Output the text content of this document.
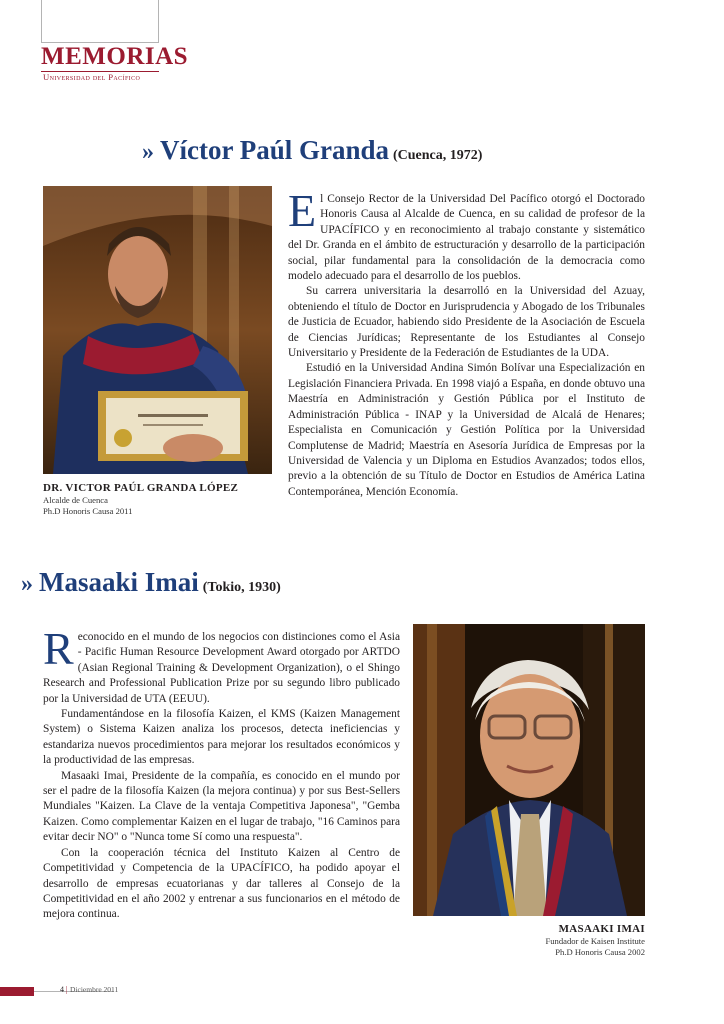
MEMORIAS
Universidad del Pacífico
» Víctor Paúl Granda (Cuenca, 1972)
DR. VICTOR PAÚL GRANDA LÓPEZ
Alcalde de Cuenca
Ph.D Honoris Causa 2011

El Consejo Rector de la Universidad Del Pacífico otorgó el Doctorado Honoris Causa al Alcalde de Cuenca, en su calidad de profesor de la UPACÍFICO y en reconocimiento al trabajo constante y sistemático del Dr. Granda en el ámbito de estructuración y desarrollo de la participación social, pilar fundamental para la consolidación de la democracia como modelo adecuado para el desarrollo de los pueblos.

Su carrera universitaria la desarrolló en la Universidad del Azuay, obteniendo el título de Doctor en Jurisprudencia y Abogado de los Tribunales de Justicia de Ecuador, habiendo sido Presidente de la Asociación de Escuela de Ciencias Jurídicas; Representante de los Estudiantes al Consejo Universitario y Presidente de la Federación de Estudiantes de la UDA.

Estudió en la Universidad Andina Simón Bolívar una Especialización en Legislación Financiera Privada. En 1998 viajó a España, en donde obtuvo una Maestría en Administración y Gestión Pública por el Instituto de Administración Pública - INAP y la Universidad de Alcalá de Henares; Especialista en Comunicación y Gestión Política por la Universidad Complutense de Madrid; Maestría en Asesoría Jurídica de Empresas por la Universidad de Valencia y un Diploma en Estudios Avanzados; todos ellos, previo a la obtención de su Título de Doctor en Estudios de América Latina Contemporánea, Mención Economía.

» Masaaki Imai (Tokio, 1930)

Reconocido en el mundo de los negocios con distinciones como el Asia - Pacific Human Resource Development Award otorgado por ARTDO (Asian Regional Training & Development Organization), o el Shingo Research and Professional Publication Prize por su segundo libro publicado por la Universidad de UTA (EEUU).

Fundamentándose en la filosofía Kaizen, el KMS (Kaizen Management System) o Sistema Kaizen analiza los procesos, detecta ineficiencias y estandariza nuevos procedimientos para mejorar los resultados económicos y la productividad de las empresas.

Masaaki Imai, Presidente de la compañía, es conocido en el mundo por ser el padre de la filosofía Kaizen (la mejora continua) y por sus Best-Sellers Mundiales "Kaizen. La Clave de la ventaja Competitiva Japonesa", "Gemba Kaizen. Como complementar Kaizen en el lugar de trabajo, "16 Caminos para evitar decir NO" o "Nunca tome Sí como una respuesta".

Con la cooperación técnica del Instituto Kaizen al Centro de Competitividad y Competencia de la UPACÍFICO, ha podido apoyar el desarrollo de empresas ecuatorianas y dar talleres al Consejo de la Competitividad en el año 2002 y entrenar a sus funcionarios en el método de mejora continua.

MASAAKI IMAI
Fundador de Kaisen Institute
Ph.D Honoris Causa 2002
4 | Diciembre 2011
